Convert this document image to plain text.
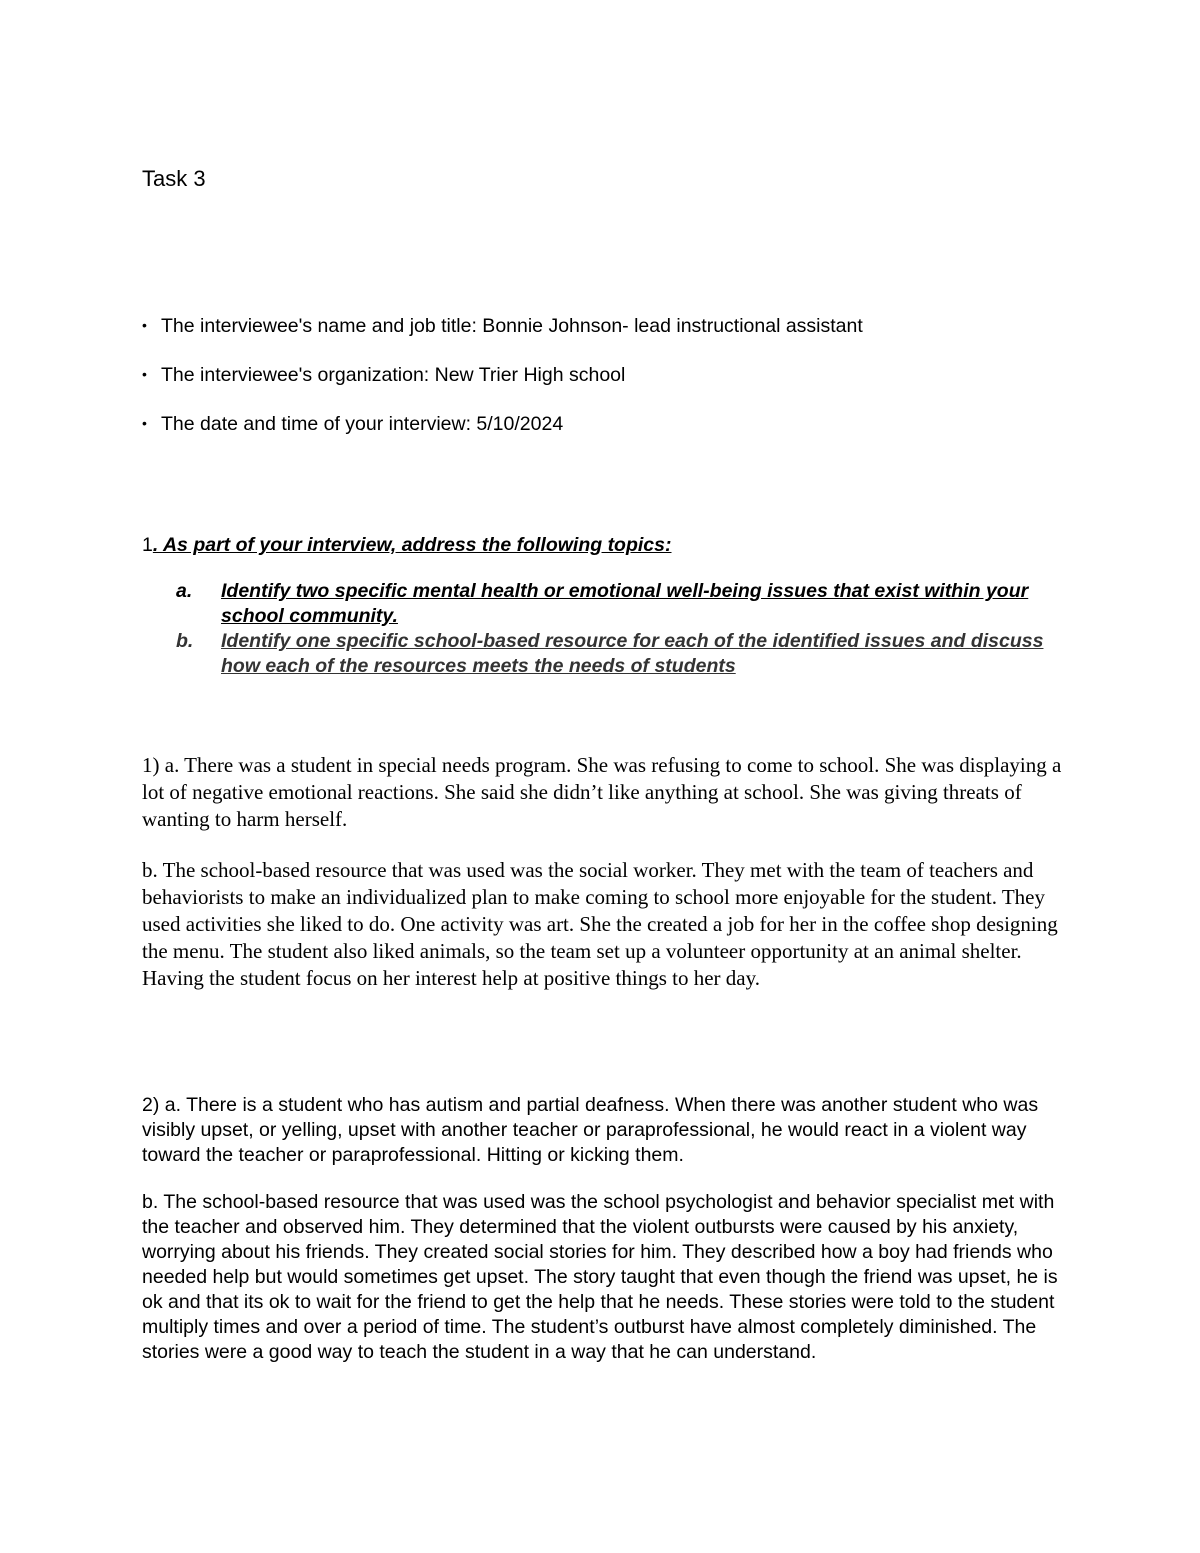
Task 3
• The interviewee's name and job title: Bonnie Johnson- lead instructional assistant
• The interviewee's organization: New Trier High school
• The date and time of your interview: 5/10/2024
1. As part of your interview, address the following topics:
a. Identify two specific mental health or emotional well-being issues that exist within your school community.
b. Identify one specific school-based resource for each of the identified issues and discuss how each of the resources meets the needs of students

1) a. There was a student in special needs program. She was refusing to come to school. She was displaying a lot of negative emotional reactions. She said she didn’t like anything at school. She was giving threats of wanting to harm herself.

b. The school-based resource that was used was the social worker. They met with the team of teachers and behaviorists to make an individualized plan to make coming to school more enjoyable for the student. They used activities she liked to do. One activity was art. She the created a job for her in the coffee shop designing the menu. The student also liked animals, so the team set up a volunteer opportunity at an animal shelter. Having the student focus on her interest help at positive things to her day.

2) a. There is a student who has autism and partial deafness. When there was another student who was visibly upset, or yelling, upset with another teacher or paraprofessional, he would react in a violent way toward the teacher or paraprofessional. Hitting or kicking them.

b. The school-based resource that was used was the school psychologist and behavior specialist met with the teacher and observed him. They determined that the violent outbursts were caused by his anxiety, worrying about his friends. They created social stories for him. They described how a boy had friends who needed help but would sometimes get upset. The story taught that even though the friend was upset, he is ok and that its ok to wait for the friend to get the help that he needs. These stories were told to the student multiply times and over a period of time. The student’s outburst have almost completely diminished. The stories were a good way to teach the student in a way that he can understand.
